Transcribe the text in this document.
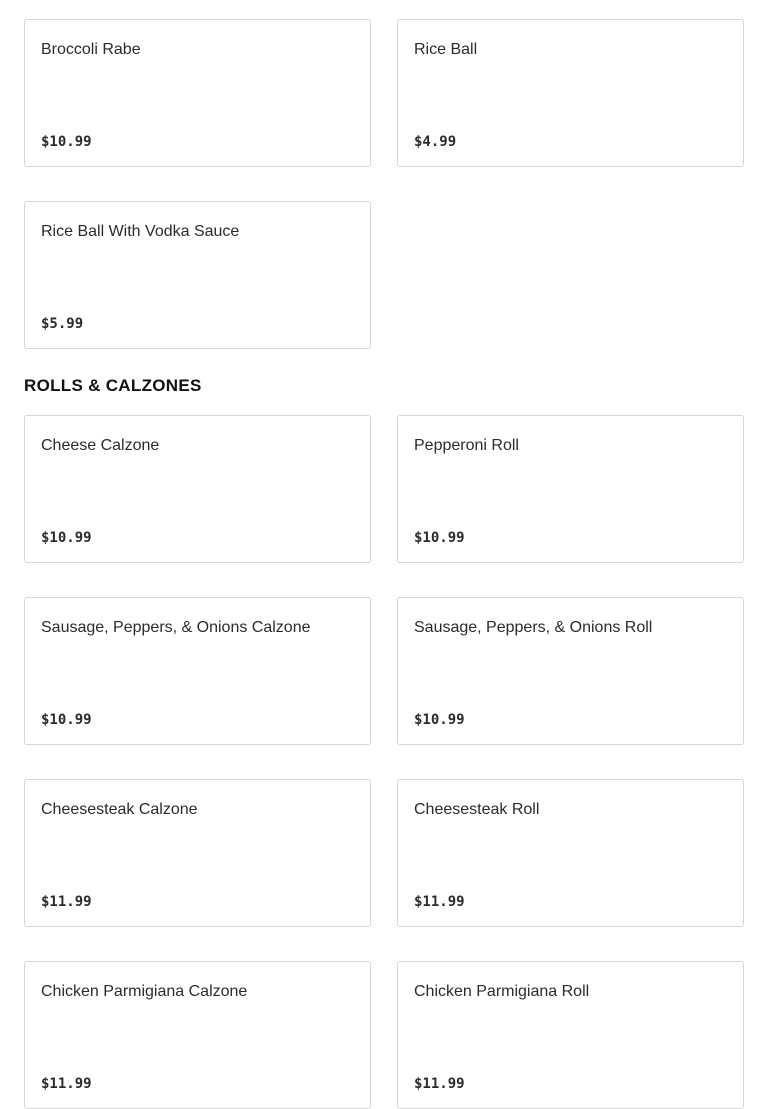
Broccoli Rabe
$10.99
Rice Ball
$4.99
Rice Ball With Vodka Sauce
$5.99
ROLLS & CALZONES
Cheese Calzone
$10.99
Pepperoni Roll
$10.99
Sausage, Peppers, & Onions Calzone
$10.99
Sausage, Peppers, & Onions Roll
$10.99
Cheesesteak Calzone
$11.99
Cheesesteak Roll
$11.99
Chicken Parmigiana Calzone
$11.99
Chicken Parmigiana Roll
$11.99
